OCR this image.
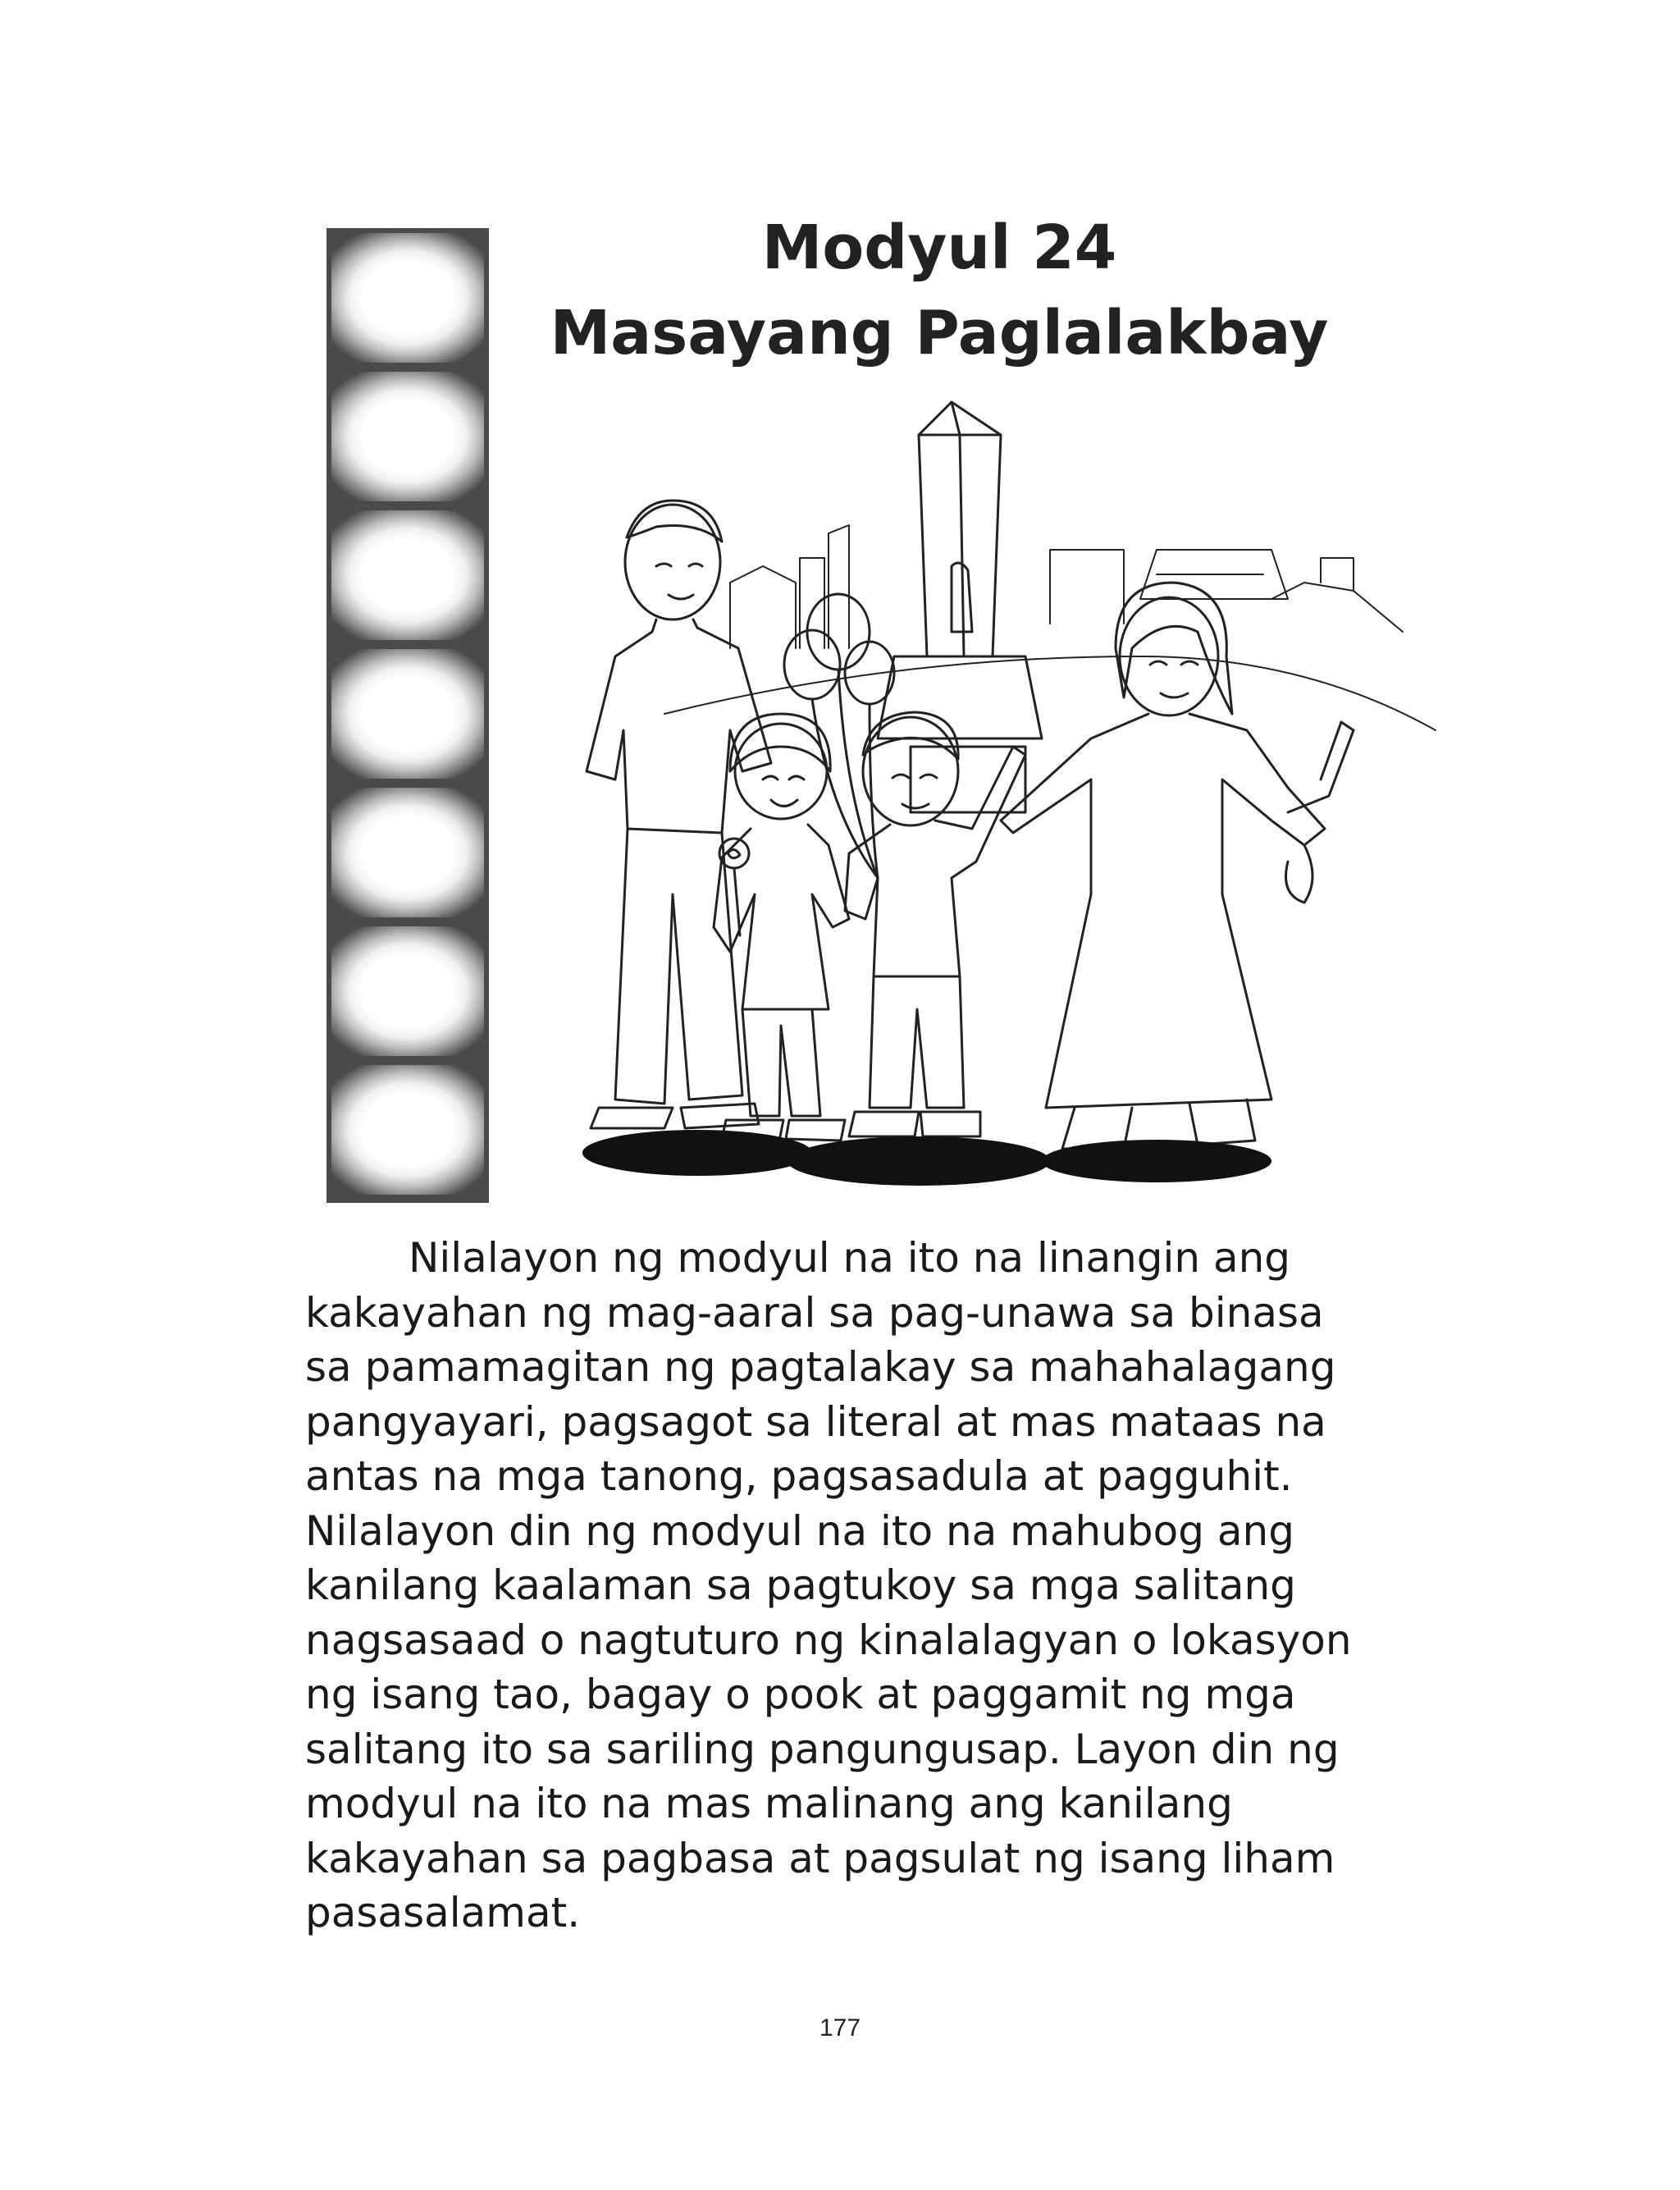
Modyul 24
Masayang Paglalakbay
Nilalayon ng modyul na ito na linangin ang
kakayahan ng mag-aaral sa pag-unawa sa binasa
sa pamamagitan ng pagtalakay sa mahahalagang
pangyayari, pagsagot sa literal at mas mataas na
antas na mga tanong, pagsasadula at pagguhit.
Nilalayon din ng modyul na ito na mahubog ang
kanilang kaalaman sa pagtukoy sa mga salitang
nagsasaad o nagtuturo ng kinalalagyan o lokasyon
ng isang tao, bagay o pook at paggamit ng mga
salitang ito sa sariling pangungusap. Layon din ng
modyul na ito na mas malinang ang kanilang
kakayahan sa pagbasa at pagsulat ng isang liham
pasasalamat.
177
